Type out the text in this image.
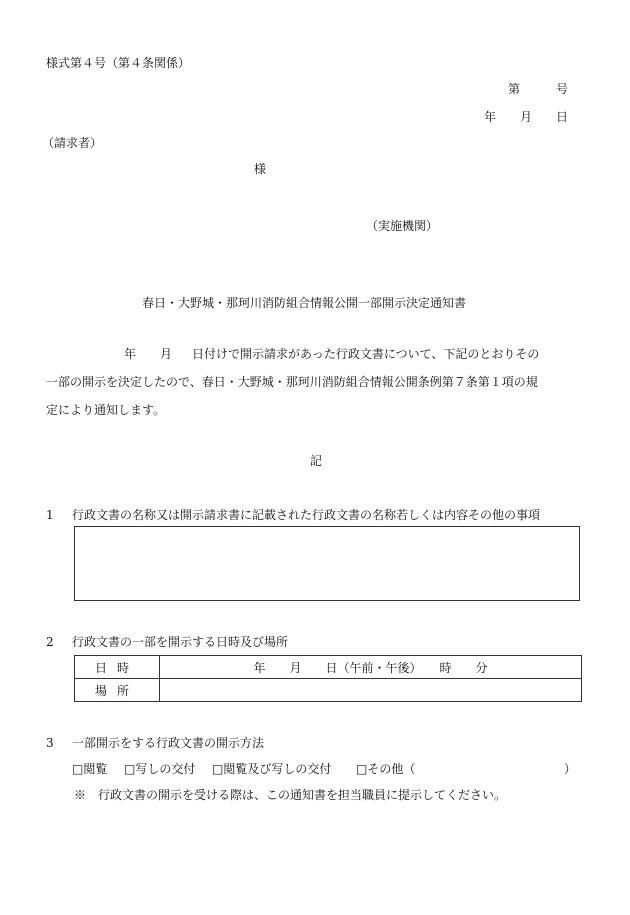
様式第４号（第４条関係）
第　　　号
年　　月　　日
（請求者）
様
（実施機関）
春日・大野城・那珂川消防組合情報公開一部開示決定通知書
年　　月 日付けで開示請求があった行政文書について、下記のとおりその
一部の開示を決定したので、春日・大野城・那珂川消防組合情報公開条例第７条第１項の規
定により通知します。
記
1 行政文書の名称又は開示請求書に記載された行政文書の名称若しくは内容その他の事項
2 行政文書の一部を開示する日時及び場所
日時	年　　月　　日（午前・午後）　　時　　分
場所	
3 一部開示をする行政文書の開示方法
□閲覧 □写しの交付 □閲覧及び写しの交付 □その他（	）
※　行政文書の開示を受ける際は、この通知書を担当職員に提示してください。
